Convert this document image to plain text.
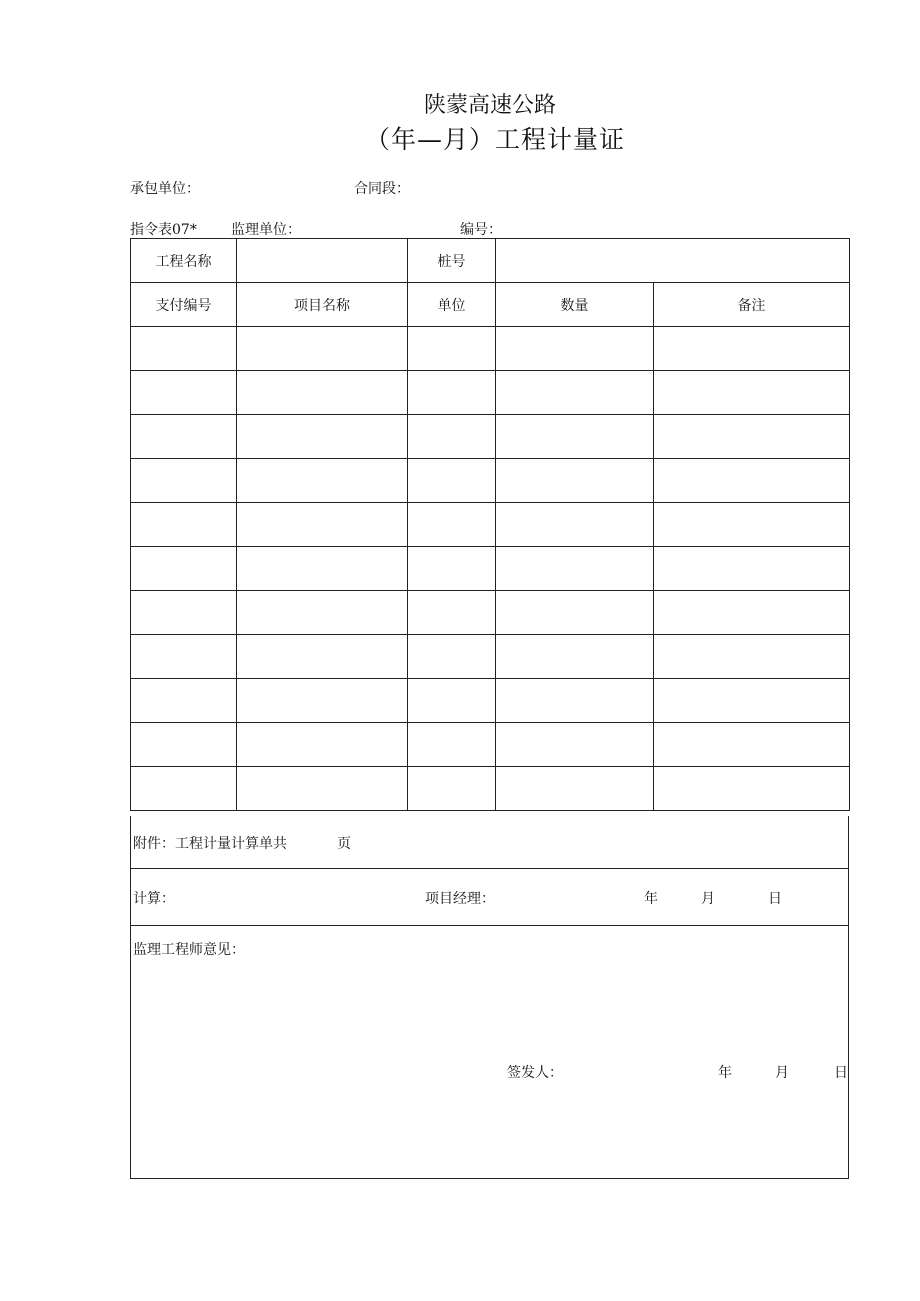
陕蒙高速公路
（年—月）工程计量证
承包单位：	合同段：
指令表07* 监理单位：	编号：
工程名称		桩号		
支付编号	项目名称	单位	数量	备注

附件：工程计量计算单共	页
计算：	项目经理：	年	月	日
监理工程师意见：
签发人：	年	月	日
